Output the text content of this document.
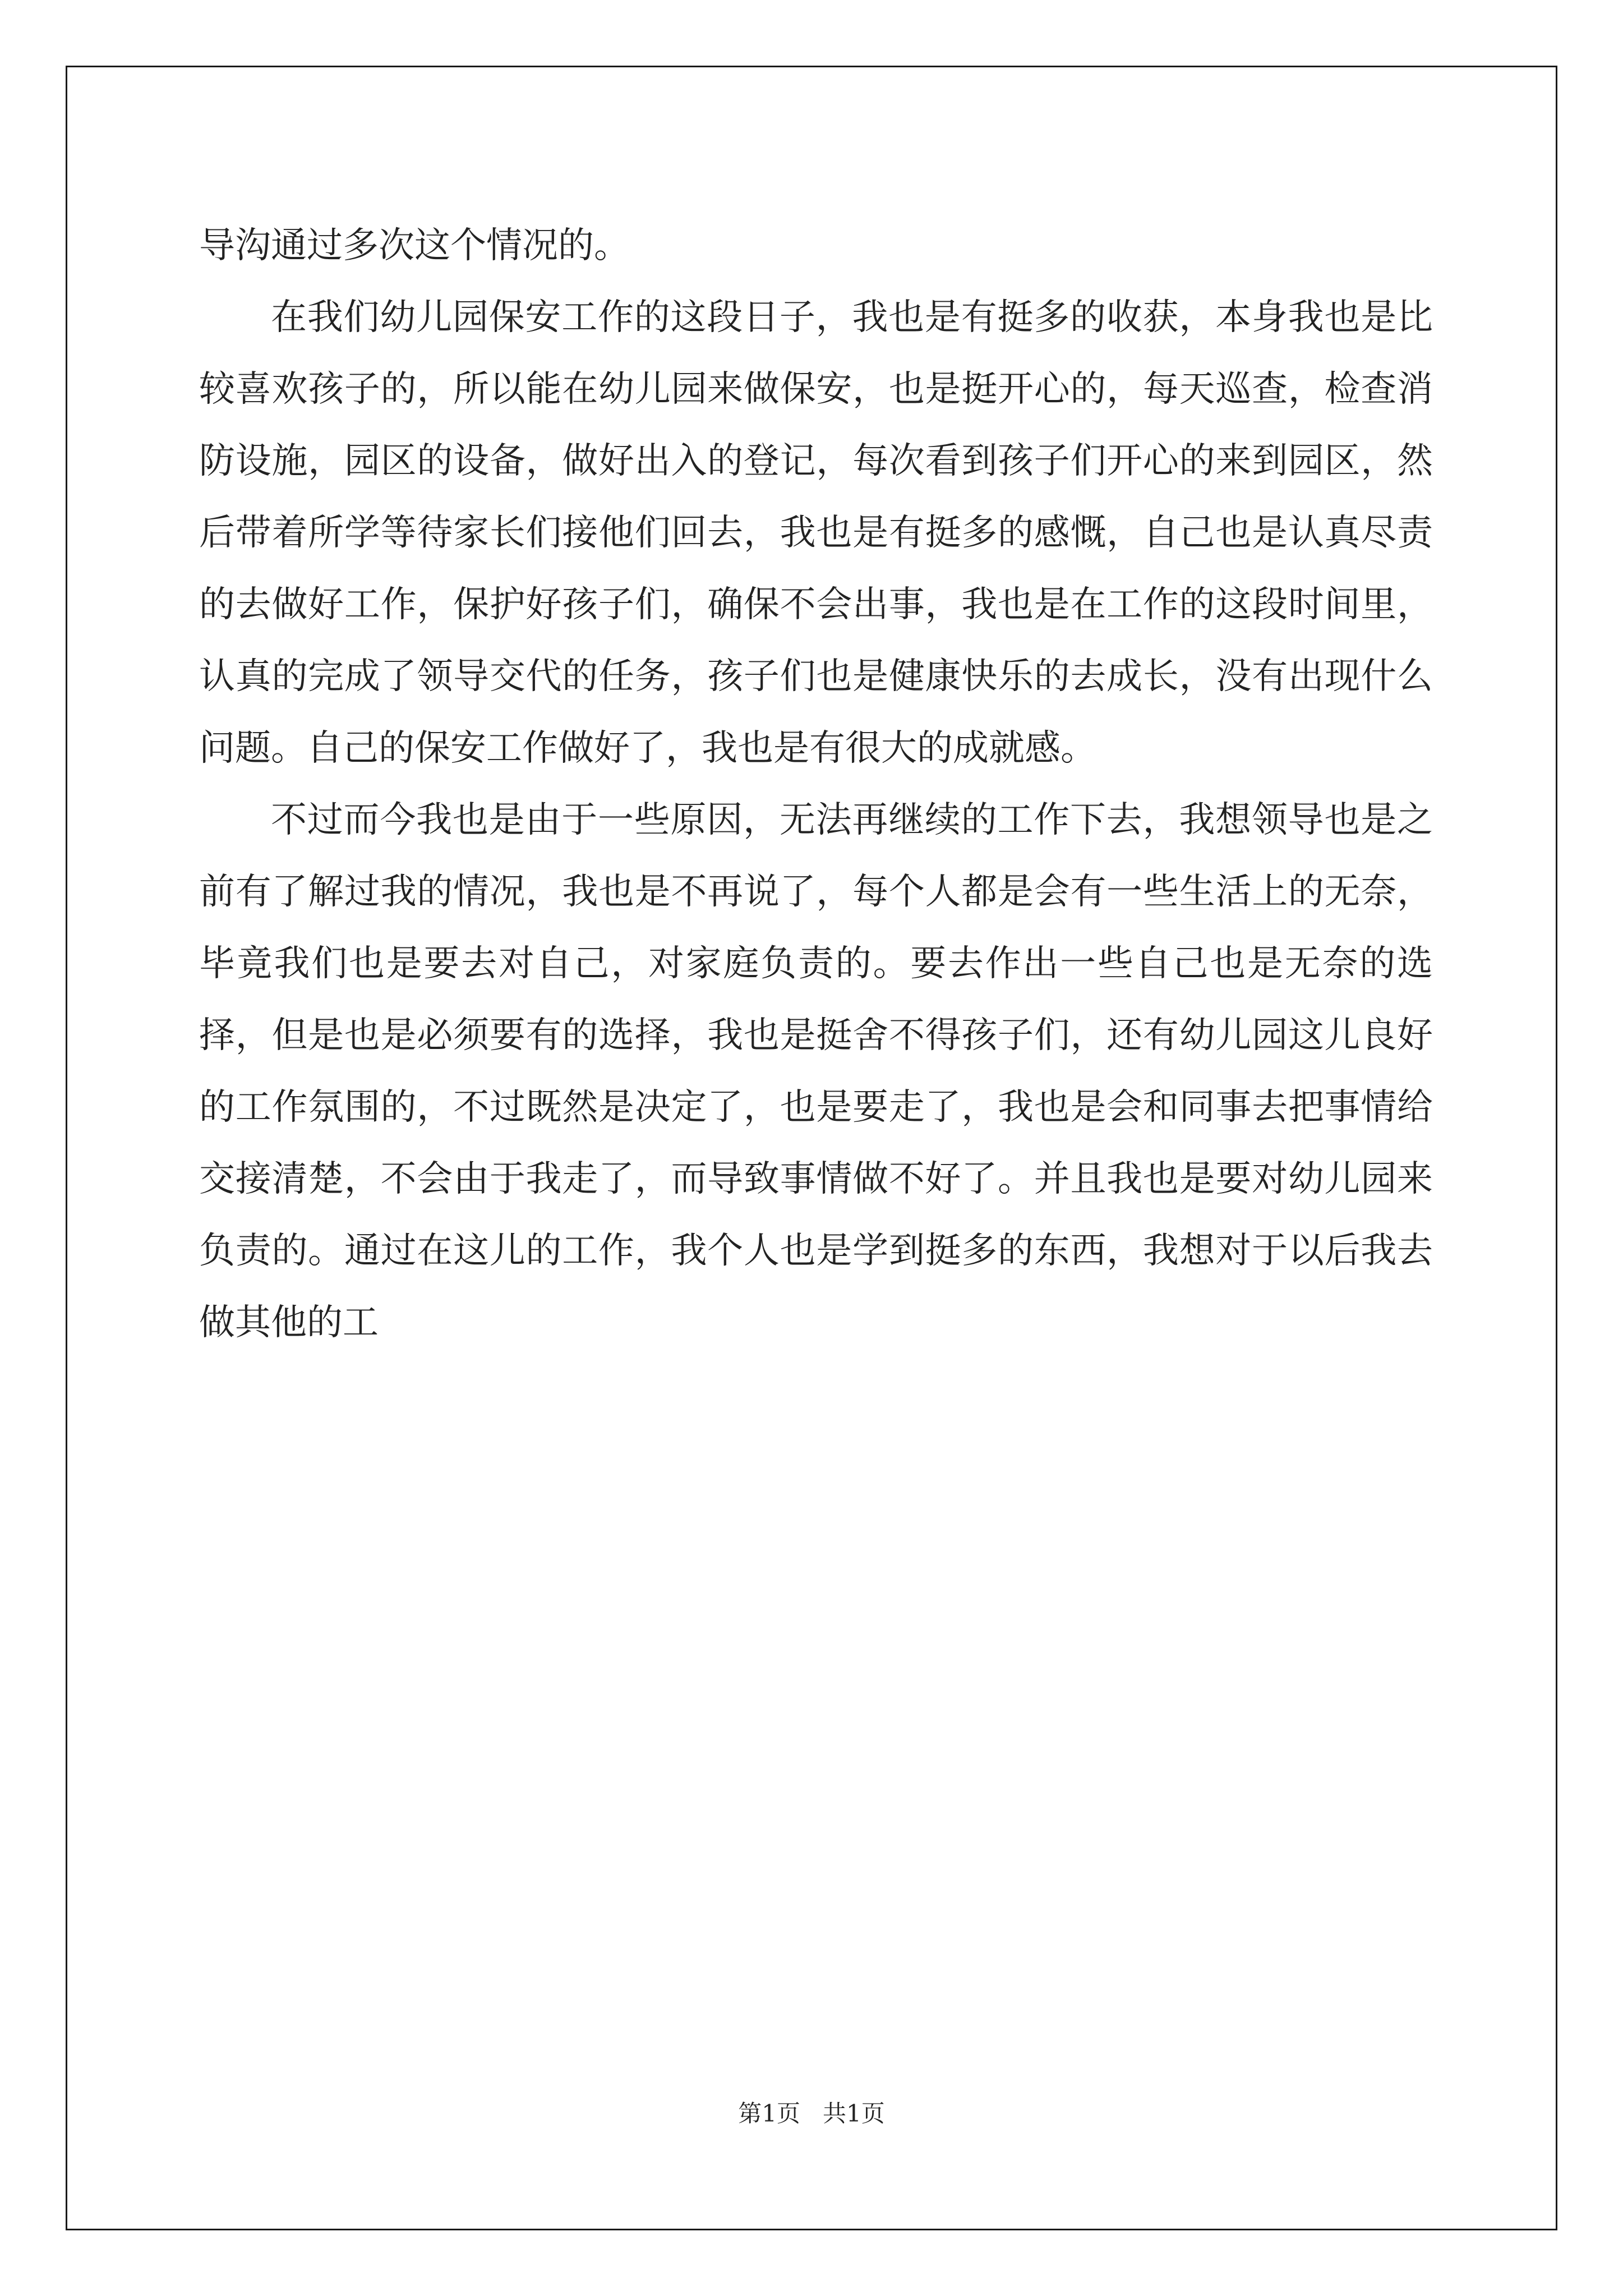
导沟通过多次这个情况的。

在我们幼儿园保安工作的这段日子，我也是有挺多的收获，本身我也是比较喜欢孩子的，所以能在幼儿园来做保安，也是挺开心的，每天巡查，检查消防设施，园区的设备，做好出入的登记，每次看到孩子们开心的来到园区，然后带着所学等待家长们接他们回去，我也是有挺多的感慨，自己也是认真尽责的去做好工作，保护好孩子们，确保不会出事，我也是在工作的这段时间里，认真的完成了领导交代的任务，孩子们也是健康快乐的去成长，没有出现什么问题。自己的保安工作做好了，我也是有很大的成就感。

不过而今我也是由于一些原因，无法再继续的工作下去，我想领导也是之前有了解过我的情况，我也是不再说了，每个人都是会有一些生活上的无奈，毕竟我们也是要去对自己，对家庭负责的。要去作出一些自己也是无奈的选择，但是也是必须要有的选择，我也是挺舍不得孩子们，还有幼儿园这儿良好的工作氛围的，不过既然是决定了，也是要走了，我也是会和同事去把事情给交接清楚，不会由于我走了，而导致事情做不好了。并且我也是要对幼儿园来负责的。通过在这儿的工作，我个人也是学到挺多的东西，我想对于以后我去做其他的工

第1页   共1页
